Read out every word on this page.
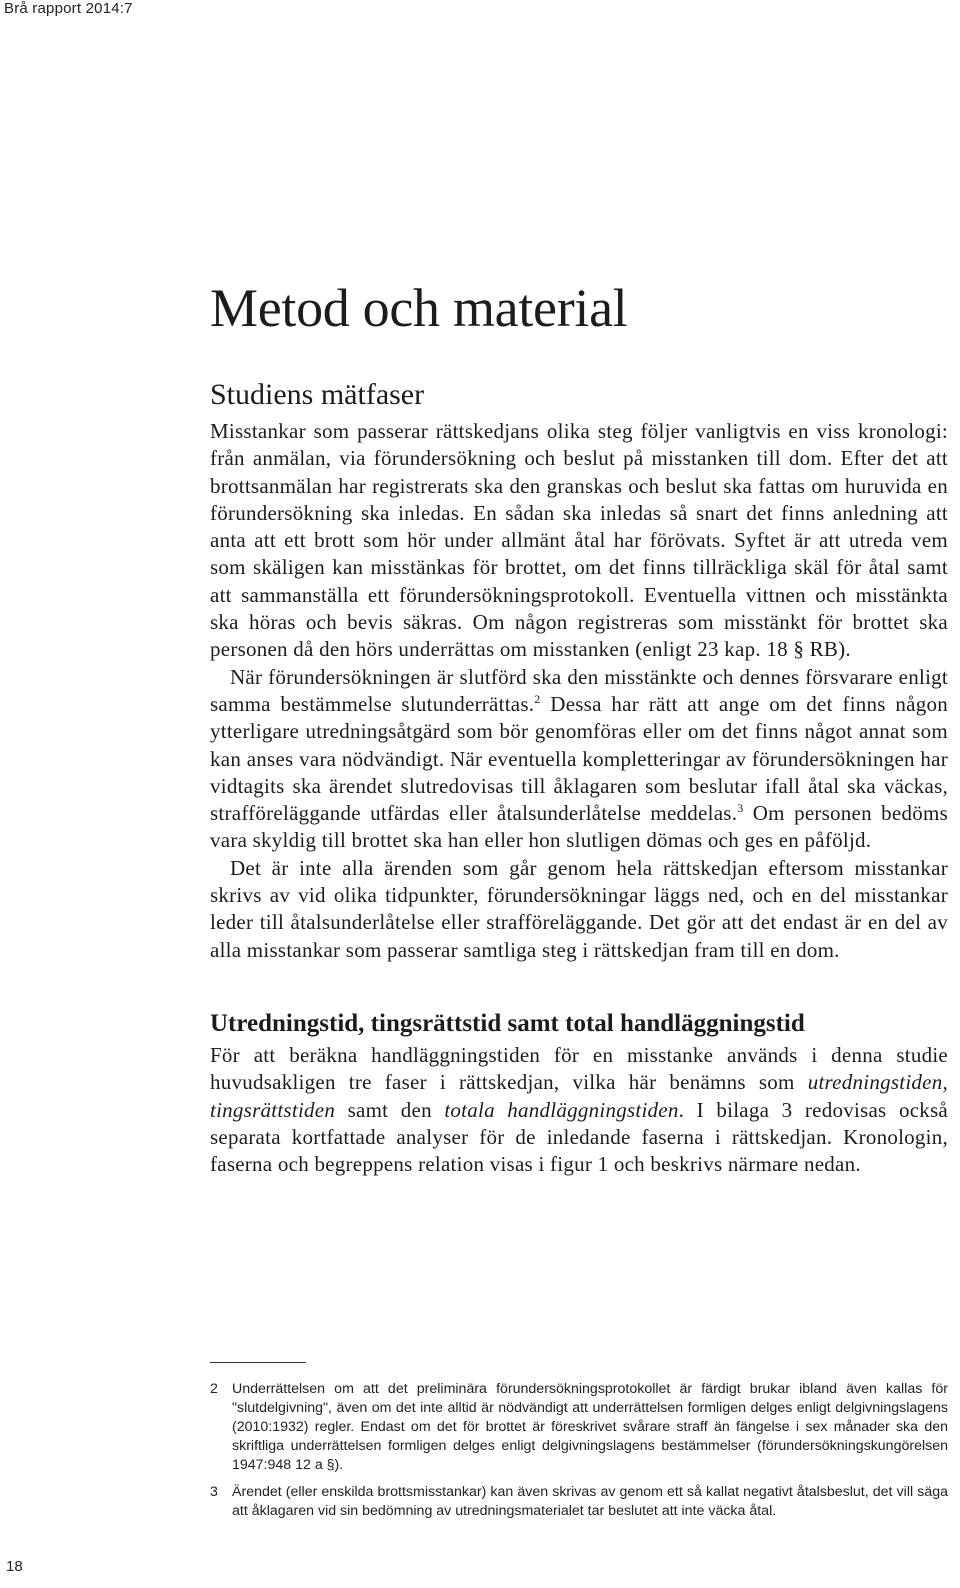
Brå rapport 2014:7
Metod och material
Studiens mätfaser

Misstankar som passerar rättskedjans olika steg följer vanligtvis en viss kronologi: från anmälan, via förundersökning och beslut på misstanken till dom. Efter det att brottsanmälan har registrerats ska den granskas och beslut ska fattas om huruvida en förundersökning ska inledas. En sådan ska inledas så snart det finns anledning att anta att ett brott som hör under allmänt åtal har förövats. Syftet är att utreda vem som skäligen kan misstänkas för brottet, om det finns tillräckliga skäl för åtal samt att sammanställa ett förundersökningsprotokoll. Eventuella vittnen och misstänkta ska höras och bevis säkras. Om någon registreras som misstänkt för brottet ska personen då den hörs underrättas om misstanken (enligt 23 kap. 18 § RB).

När förundersökningen är slutförd ska den misstänkte och dennes försvarare enligt samma bestämmelse slutunderrättas.$^2$ Dessa har rätt att ange om det finns någon ytterligare utredningsåtgärd som bör genomföras eller om det finns något annat som kan anses vara nödvändigt. När eventuella kompletteringar av förundersökningen har vidtagits ska ärendet slutredovisas till åklagaren som beslutar ifall åtal ska väckas, strafföreläggande utfärdas eller åtalsunderlåtelse meddelas.$^3$ Om personen bedöms vara skyldig till brottet ska han eller hon slutligen dömas och ges en påföljd.

Det är inte alla ärenden som går genom hela rättskedjan eftersom misstankar skrivs av vid olika tidpunkter, förundersökningar läggs ned, och en del misstankar leder till åtalsunderlåtelse eller strafföreläggande. Det gör att det endast är en del av alla misstankar som passerar samtliga steg i rättskedjan fram till en dom.

Utredningstid, tingsrättstid samt total handläggningstid

För att beräkna handläggningstiden för en misstanke används i denna studie huvudsakligen tre faser i rättskedjan, vilka här benämns som utredningstiden, tingsrättstiden samt den totala handläggningstiden. I bilaga 3 redovisas också separata kortfattade analyser för de inledande faserna i rättskedjan. Kronologin, faserna och begreppens relation visas i figur 1 och beskrivs närmare nedan.

2 Underrättelsen om att det preliminära förundersökningsprotokollet är färdigt brukar ibland även kallas för "slutdelgivning", även om det inte alltid är nödvändigt att underrättelsen formligen delges enligt delgivningslagens (2010:1932) regler. Endast om det för brottet är föreskrivet svårare straff än fängelse i sex månader ska den skriftliga underrättelsen formligen delges enligt delgivningslagens bestämmelser (förundersökningskungörelsen 1947:948 12 a §).
3 Ärendet (eller enskilda brottsmisstankar) kan även skrivas av genom ett så kallat negativt åtalsbeslut, det vill säga att åklagaren vid sin bedömning av utredningsmaterialet tar beslutet att inte väcka åtal.
18
